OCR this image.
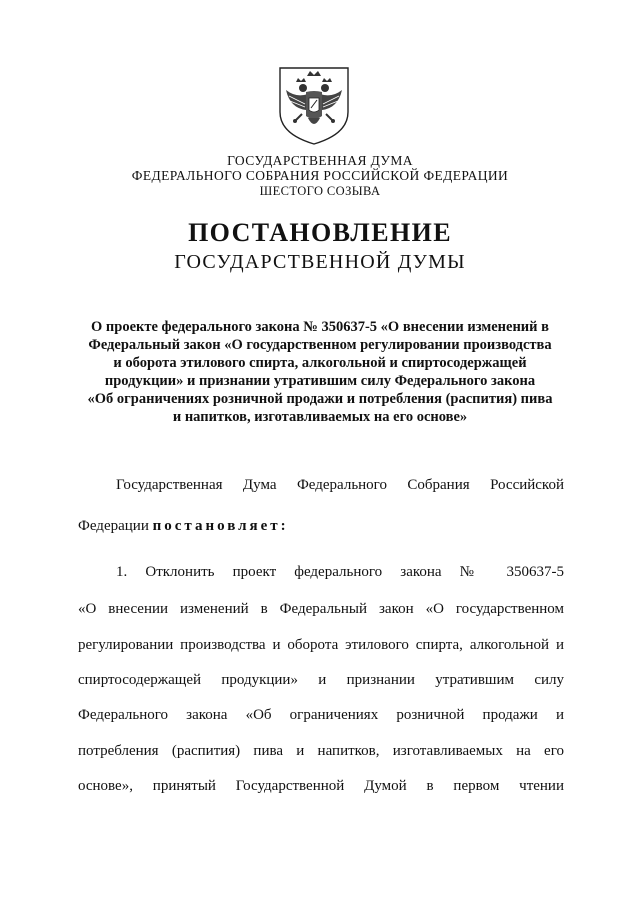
ГОСУДАРСТВЕННАЯ ДУМА
ФЕДЕРАЛЬНОГО СОБРАНИЯ РОССИЙСКОЙ ФЕДЕРАЦИИ
ШЕСТОГО СОЗЫВА
ПОСТАНОВЛЕНИЕ
ГОСУДАРСТВЕННОЙ ДУМЫ
О проекте федерального закона № 350637-5 «О внесении изменений в
Федеральный закон «О государственном регулировании производства
и оборота этилового спирта, алкогольной и спиртосодержащей
продукции» и признании утратившим силу Федерального закона
«Об ограничениях розничной продажи и потребления (распития) пива
и напитков, изготавливаемых на его основе»
Государственная Дума Федерального Собрания Российской
Федерации постановляет:
1. Отклонить проект федерального закона № 350637-5
«О внесении изменений в Федеральный закон «О государственном
регулировании производства и оборота этилового спирта, алкогольной и
спиртосодержащей продукции» и признании утратившим силу
Федерального закона «Об ограничениях розничной продажи и
потребления (распития) пива и напитков, изготавливаемых на его
основе», принятый Государственной Думой в первом чтении
